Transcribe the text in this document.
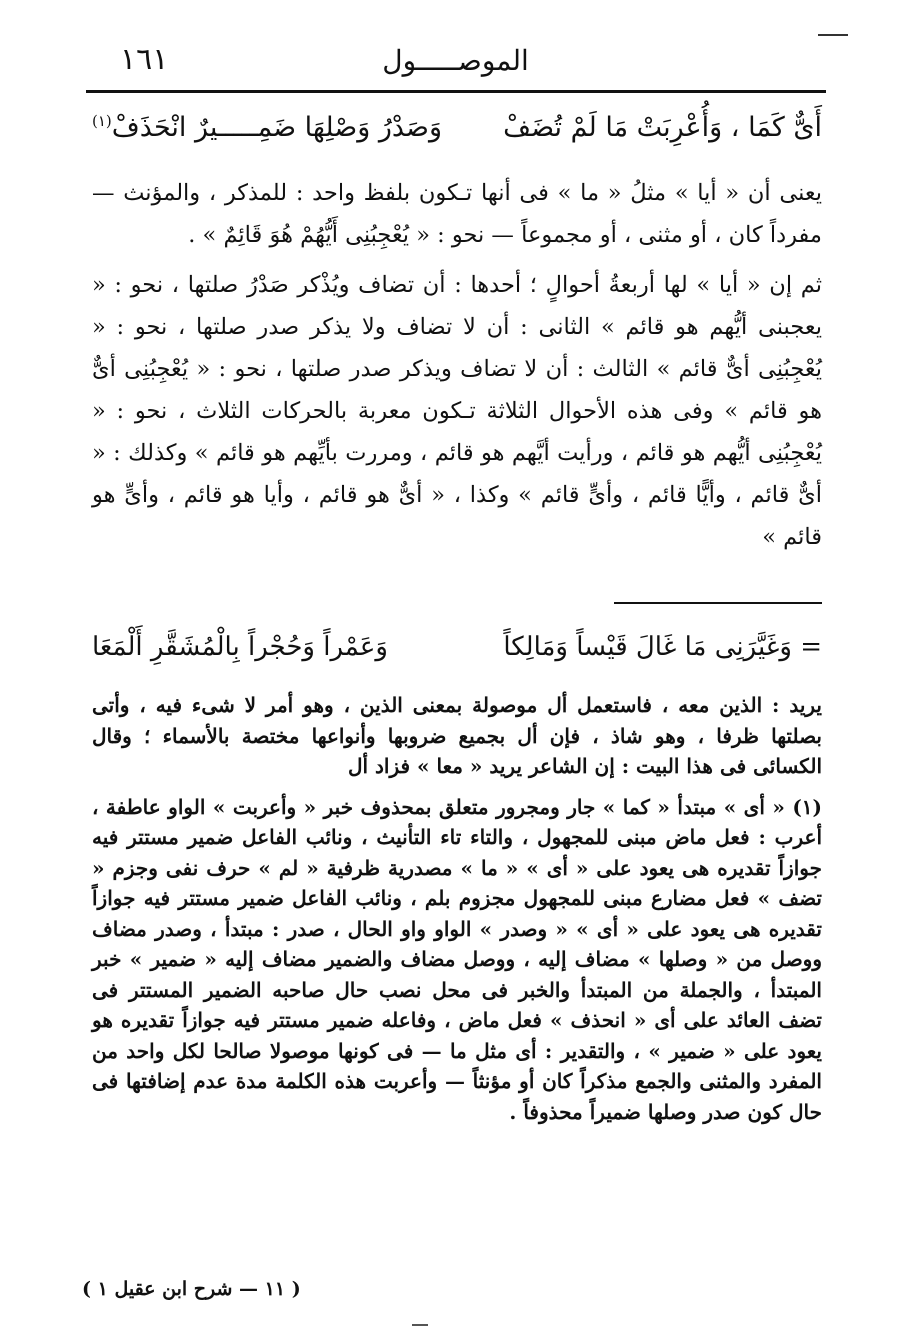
١٦١	الموصـــــول
أَىٌّ كَمَا ، وَأُعْرِبَتْ مَا لَمْ تُضَفْ
وَصَدْرُ وَصْلِهَا ضَمِـــــيرٌ انْحَذَفْ$^{(١)}$

يعنى أن « أيا » مثلُ « ما » فى أنها تـكون بلفظ واحد : للمذكر ، والمؤنث — مفرداً كان ، أو مثنى ، أو مجموعاً — نحو : « يُعْجِبُنِى أَيُّهُمْ هُوَ قَائِمٌ » .

ثم إن « أيا » لها أربعةُ أحوالٍ ؛ أحدها : أن تضاف ويُذْكر صَدْرُ صلتها ، نحو : « يعجبنى أيُّهم هو قائم » الثانى : أن لا تضاف ولا يذكر صدر صلتها ، نحو : « يُعْجِبُنِى أىٌّ قائم » الثالث : أن لا تضاف ويذكر صدر صلتها ، نحو : « يُعْجِبُنِى أىٌّ هو قائم » وفى هذه الأحوال الثلاثة تـكون معربة بالحركات الثلاث ، نحو : « يُعْجِبُنِى أيُّهم هو قائم ، ورأيت أيَّهم هو قائم ، ومررت بأيِّهم هو قائم » وكذلك : « أىٌّ قائم ، وأيًّا قائم ، وأىٍّ قائم » وكذا ، « أىٌّ هو قائم ، وأيا هو قائم ، وأىٍّ هو قائم »

= وَغَيَّرَنِى مَا غَالَ قَيْساً وَمَالِكاً
وَعَمْراً وَحُجْراً بِالْمُشَقَّرِ أَلْمَعَا

يريد : الذين معه ، فاستعمل أل موصولة بمعنى الذين ، وهو أمر لا شىء فيه ، وأتى بصلتها ظرفا ، وهو شاذ ، فإن أل بجميع ضروبها وأنواعها مختصة بالأسماء ؛ وقال الكسائى فى هذا البيت : إن الشاعر يريد « معا » فزاد أل

(١) « أى » مبتدأ « كما » جار ومجرور متعلق بمحذوف خبر « وأعربت » الواو عاطفة ، أعرب : فعل ماض مبنى للمجهول ، والتاء تاء التأنيث ، ونائب الفاعل ضمير مستتر فيه جوازاً تقديره هى يعود على « أى » « ما » مصدرية ظرفية « لم » حرف نفى وجزم « تضف » فعل مضارع مبنى للمجهول مجزوم بلم ، ونائب الفاعل ضمير مستتر فيه جوازاً تقديره هى يعود على « أى » « وصدر » الواو واو الحال ، صدر : مبتدأ ، وصدر مضاف ووصل من « وصلها » مضاف إليه ، ووصل مضاف والضمير مضاف إليه « ضمير » خبر المبتدأ ، والجملة من المبتدأ والخبر فى محل نصب حال صاحبه الضمير المستتر فى تضف العائد على أى « انحذف » فعل ماض ، وفاعله ضمير مستتر فيه جوازاً تقديره هو يعود على « ضمير » ، والتقدير : أى مثل ما — فى كونها موصولا صالحا لكل واحد من المفرد والمثنى والجمع مذكراً كان أو مؤنثاً — وأعربت هذه الكلمة مدة عدم إضافتها فى حال كون صدر وصلها ضميراً محذوفاً .

( ١١ — شرح ابن عقيل ١ )
